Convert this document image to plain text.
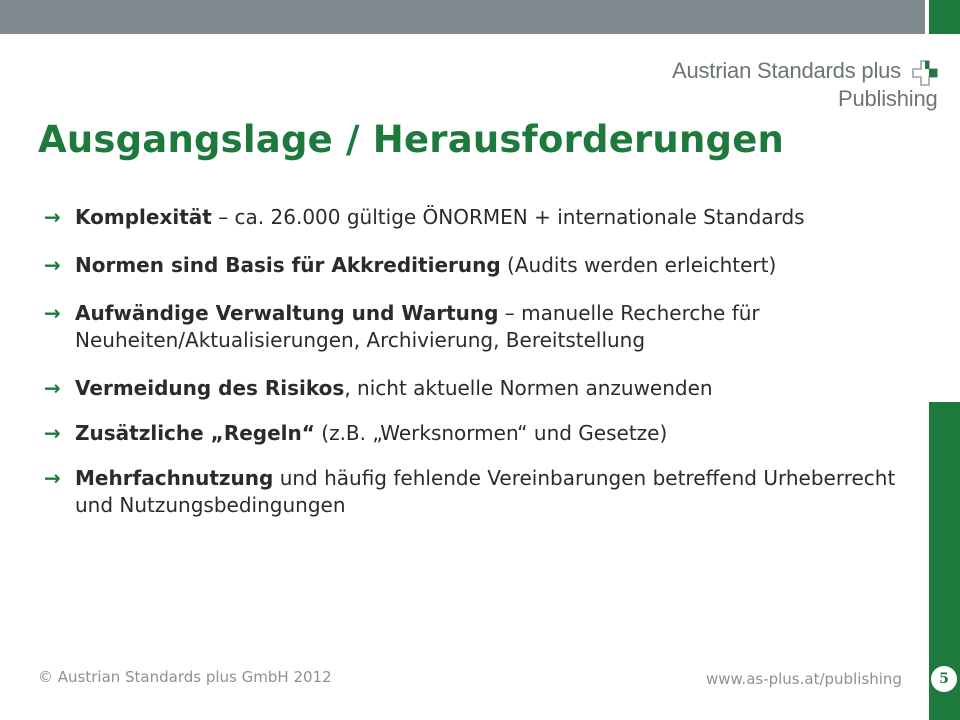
Austrian Standards plus
Publishing
Ausgangslage / Herausforderungen
→ Komplexität – ca. 26.000 gültige ÖNORMEN + internationale Standards
→ Normen sind Basis für Akkreditierung (Audits werden erleichtert)
→ Aufwändige Verwaltung und Wartung – manuelle Recherche für Neuheiten/Aktualisierungen, Archivierung, Bereitstellung
→ Vermeidung des Risikos, nicht aktuelle Normen anzuwenden
→ Zusätzliche „Regeln“ (z.B. „Werksnormen“ und Gesetze)
→ Mehrfachnutzung und häufig fehlende Vereinbarungen betreffend Urheberrecht und Nutzungsbedingungen
© Austrian Standards plus GmbH 2012	www.as-plus.at/publishing	5
